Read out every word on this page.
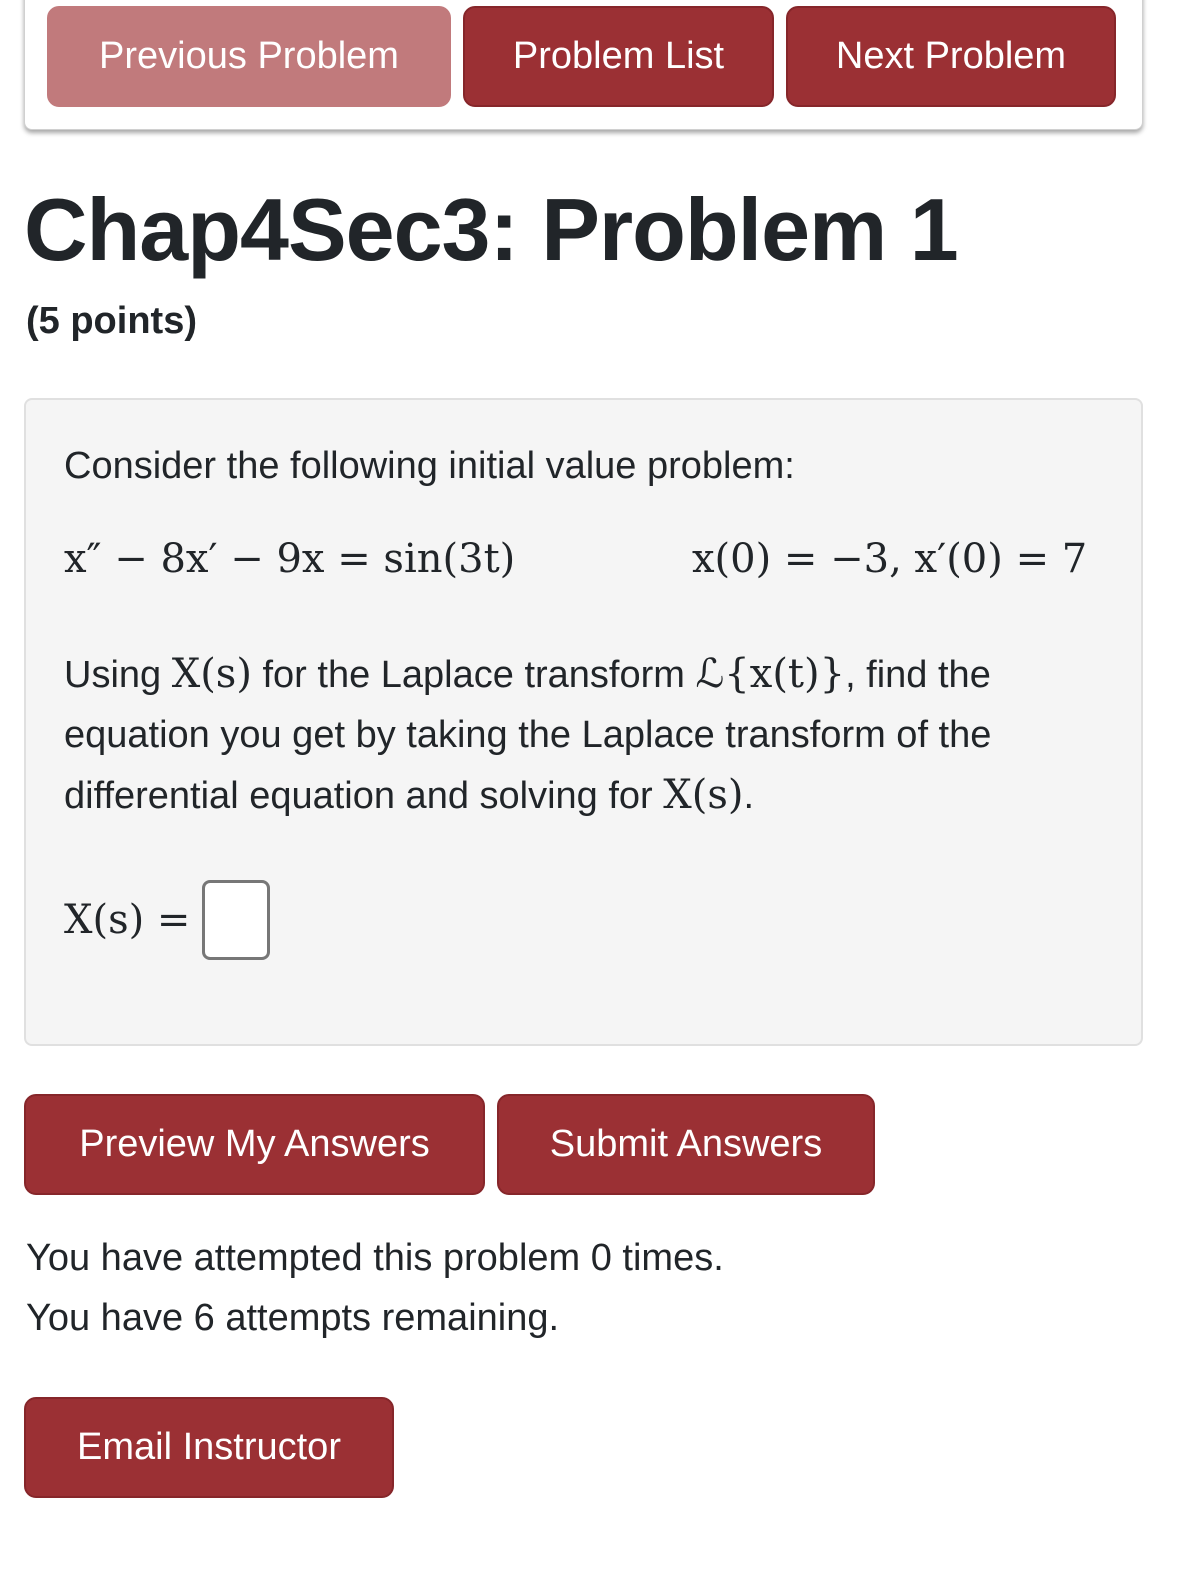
Previous Problem	Problem List	Next Problem
Chap4Sec3: Problem 1
(5 points)
Consider the following initial value problem:
x″ − 8x′ − 9x = sin(3t)	x(0) = −3, x′(0) = 7
Using X(s) for the Laplace transform ℒ{x(t)}, find the equation you get by taking the Laplace transform of the differential equation and solving for X(s).
X(s) =
Preview My Answers	Submit Answers
You have attempted this problem 0 times.
You have 6 attempts remaining.
Email Instructor
